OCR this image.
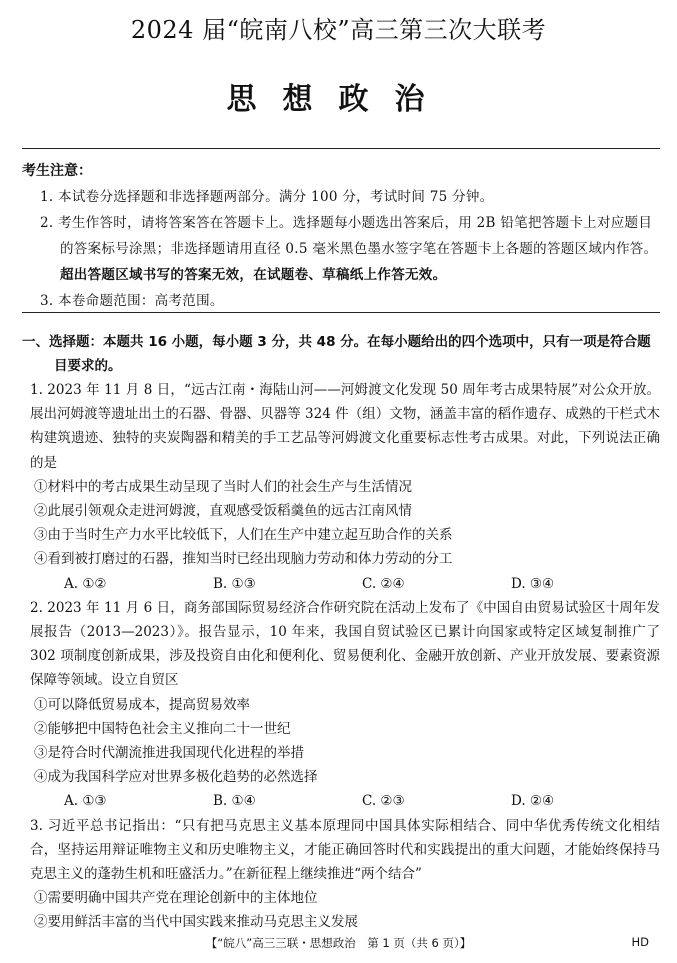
2024 届“皖南八校”高三第三次大联考
思想政治
考生注意：

1. 本试卷分选择题和非选择题两部分。满分 100 分，考试时间 75 分钟。

2. 考生作答时，请将答案答在答题卡上。选择题每小题选出答案后，用 2B 铅笔把答题卡上对应题目的答案标号涂黑；非选择题请用直径 0.5 毫米黑色墨水签字笔在答题卡上各题的答题区域内作答。超出答题区域书写的答案无效，在试题卷、草稿纸上作答无效。

3. 本卷命题范围：高考范围。

一、选择题：本题共 16 小题，每小题 3 分，共 48 分。在每小题给出的四个选项中，只有一项是符合题目要求的。

1. 2023 年 11 月 8 日，“远古江南・海陆山河——河姆渡文化发现 50 周年考古成果特展”对公众开放。展出河姆渡等遗址出土的石器、骨器、贝器等 324 件（组）文物，涵盖丰富的稻作遗存、成熟的干栏式木构建筑遗迹、独特的夹炭陶器和精美的手工艺品等河姆渡文化重要标志性考古成果。对此，下列说法正确的是

①材料中的考古成果生动呈现了当时人们的社会生产与生活情况

②此展引领观众走进河姆渡，直观感受饭稻羹鱼的远古江南风情

③由于当时生产力水平比较低下，人们在生产中建立起互助合作的关系

④看到被打磨过的石器，推知当时已经出现脑力劳动和体力劳动的分工

A. ①②	B. ①③	C. ②④	D. ③④

2. 2023 年 11 月 6 日，商务部国际贸易经济合作研究院在活动上发布了《中国自由贸易试验区十周年发展报告（2013—2023）》。报告显示，10 年来，我国自贸试验区已累计向国家或特定区域复制推广了 302 项制度创新成果，涉及投资自由化和便利化、贸易便利化、金融开放创新、产业开放发展、要素资源保障等领域。设立自贸区

①可以降低贸易成本，提高贸易效率

②能够把中国特色社会主义推向二十一世纪

③是符合时代潮流推进我国现代化进程的举措

④成为我国科学应对世界多极化趋势的必然选择

A. ①③	B. ①④	C. ②③	D. ②④

3. 习近平总书记指出：“只有把马克思主义基本原理同中国具体实际相结合、同中华优秀传统文化相结合，坚持运用辩证唯物主义和历史唯物主义，才能正确回答时代和实践提出的重大问题，才能始终保持马克思主义的蓬勃生机和旺盛活力。”在新征程上继续推进“两个结合”

①需要明确中国共产党在理论创新中的主体地位

②要用鲜活丰富的当代中国实践来推动马克思主义发展

【“皖八”高三三联・思想政治　第 1 页（共 6 页）】	HD
